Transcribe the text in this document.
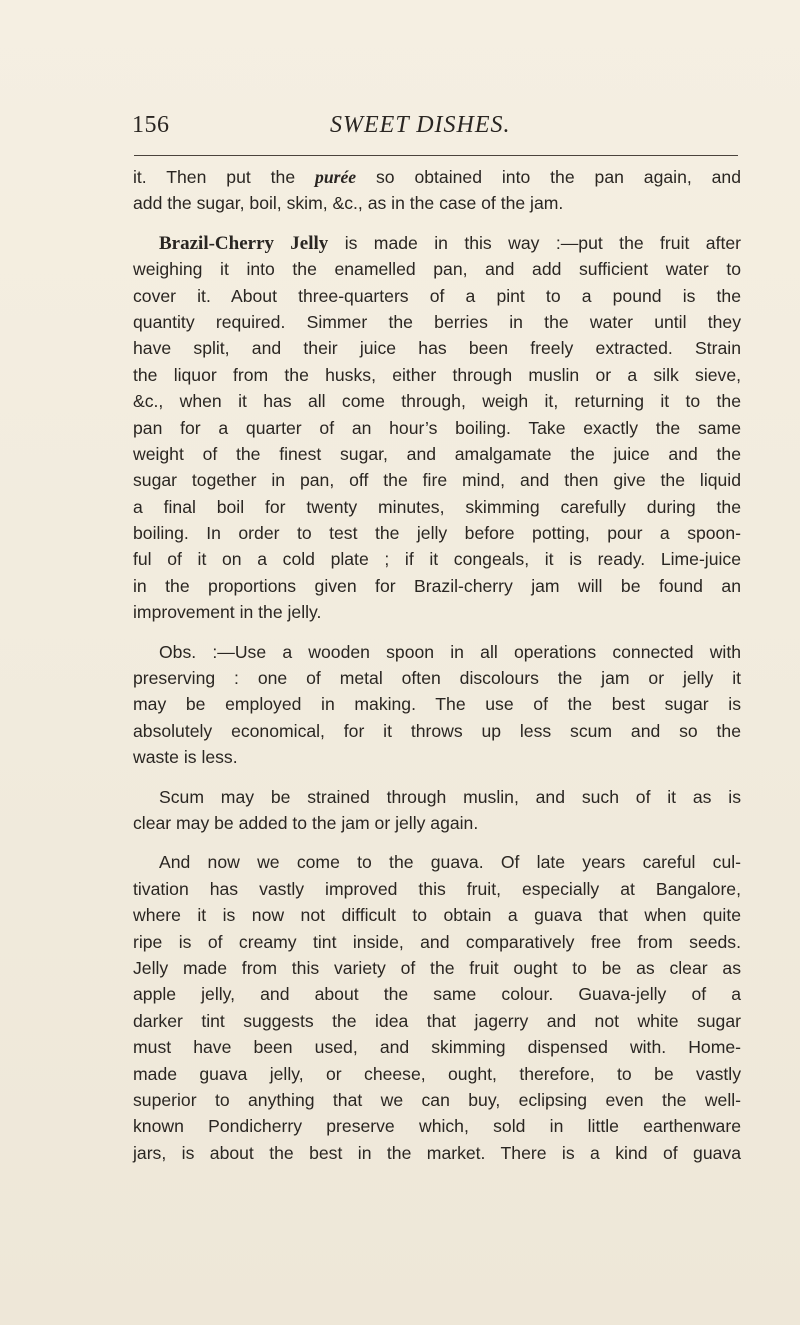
156	SWEET DISHES.
it. Then put the purée so obtained into the pan again, and
add the sugar, boil, skim, &c., as in the case of the jam.
Brazil-Cherry Jelly is made in this way :—put the fruit after
weighing it into the enamelled pan, and add sufficient water to
cover it. About three-quarters of a pint to a pound is the
quantity required. Simmer the berries in the water until they
have split, and their juice has been freely extracted. Strain
the liquor from the husks, either through muslin or a silk sieve,
&c., when it has all come through, weigh it, returning it to the
pan for a quarter of an hour’s boiling. Take exactly the same
weight of the finest sugar, and amalgamate the juice and the
sugar together in pan, off the fire mind, and then give the liquid
a final boil for twenty minutes, skimming carefully during the
boiling. In order to test the jelly before potting, pour a spoon-
ful of it on a cold plate ; if it congeals, it is ready. Lime-juice
in the proportions given for Brazil-cherry jam will be found an
improvement in the jelly.
Obs. :—Use a wooden spoon in all operations connected with
preserving : one of metal often discolours the jam or jelly it
may be employed in making. The use of the best sugar is
absolutely economical, for it throws up less scum and so the
waste is less.
Scum may be strained through muslin, and such of it as is
clear may be added to the jam or jelly again.
And now we come to the guava. Of late years careful cul-
tivation has vastly improved this fruit, especially at Bangalore,
where it is now not difficult to obtain a guava that when quite
ripe is of creamy tint inside, and comparatively free from seeds.
Jelly made from this variety of the fruit ought to be as clear as
apple jelly, and about the same colour. Guava-jelly of a
darker tint suggests the idea that jagerry and not white sugar
must have been used, and skimming dispensed with. Home-
made guava jelly, or cheese, ought, therefore, to be vastly
superior to anything that we can buy, eclipsing even the well-
known Pondicherry preserve which, sold in little earthenware
jars, is about the best in the market. There is a kind of guava
